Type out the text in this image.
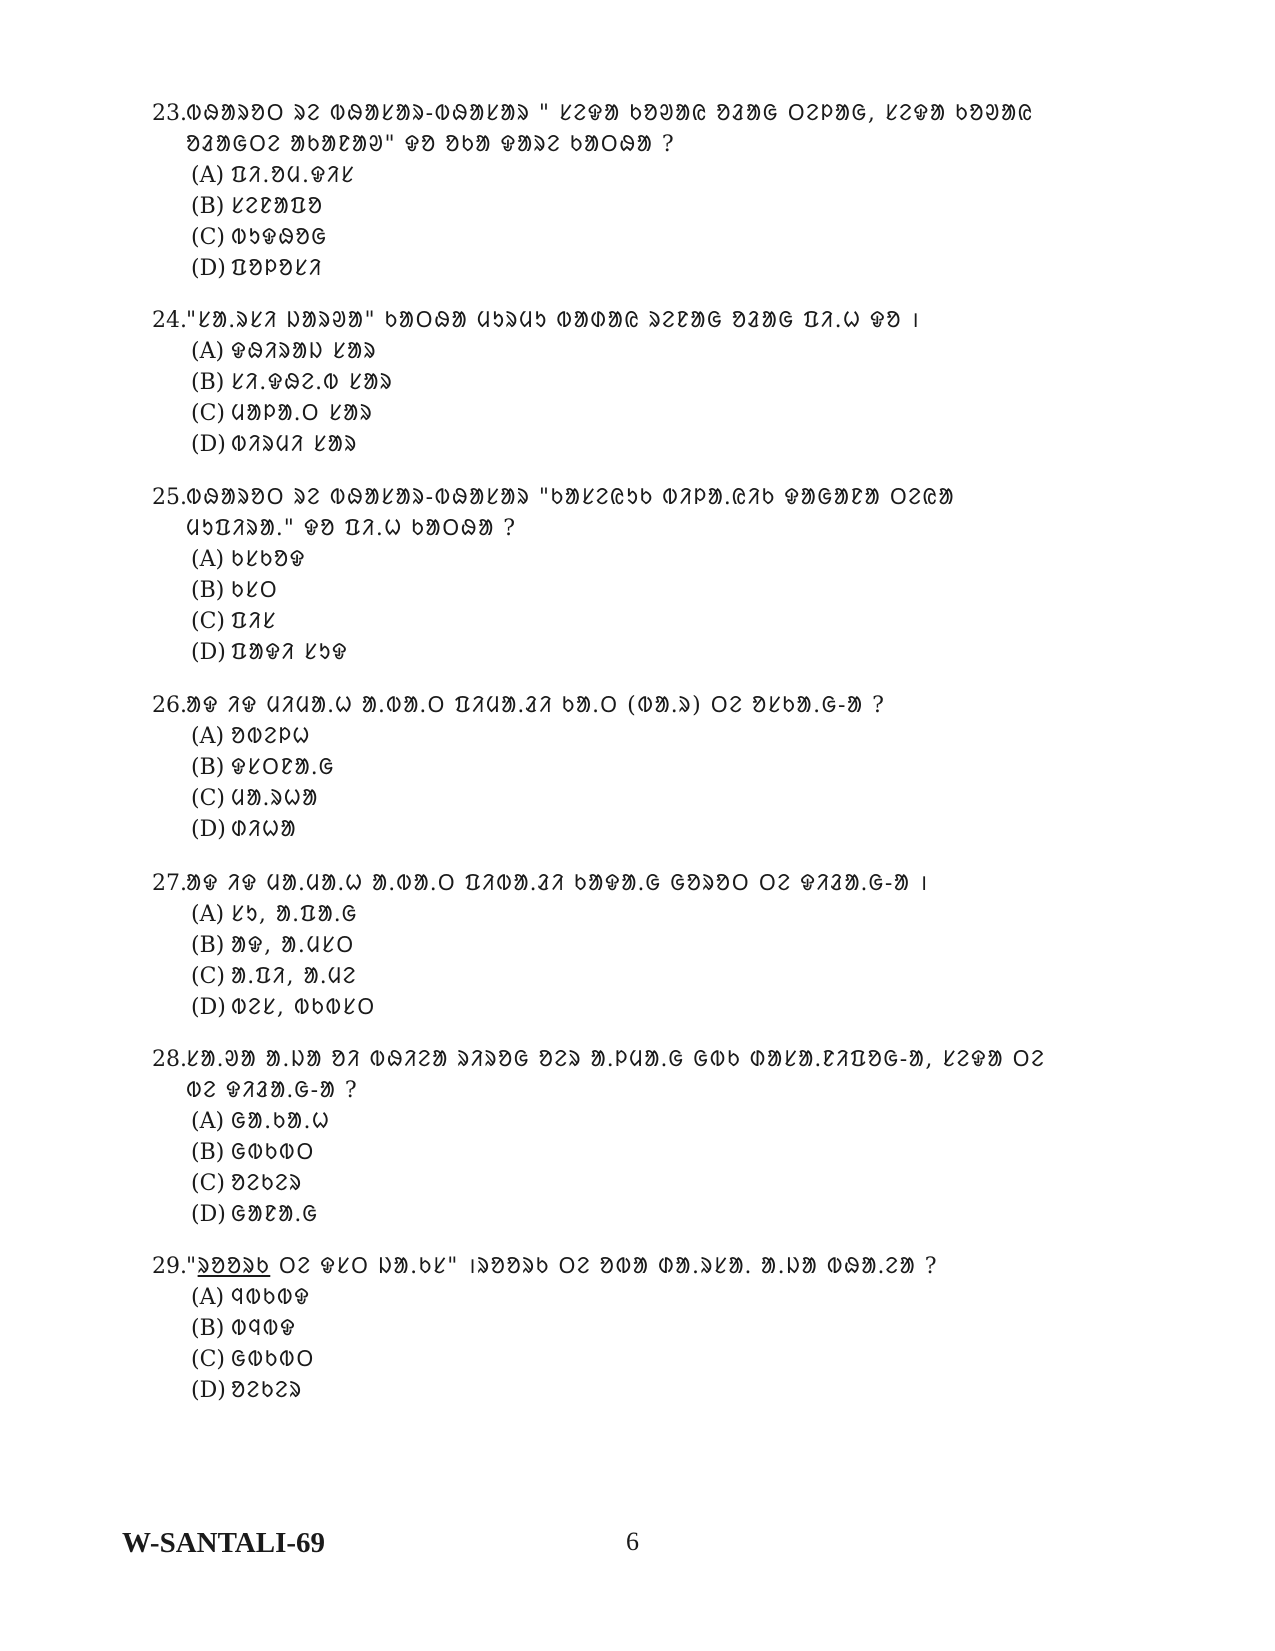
23. ᱵᱷᱟᱨᱚᱛ ᱨᱮ ᱵᱷᱟᱥᱟᱨ-ᱵᱷᱟᱥᱟᱨ " ᱥᱮᱫᱟ ᱠᱚᱣᱟᱭ ᱚᱲᱟᱜ ᱛᱮᱞᱟᱜ, ᱥᱮᱫᱟ ᱠᱚᱣᱟᱭ ᱚᱲᱟᱜᱛᱮ ᱟᱠᱟᱱᱟᱣ" ᱫᱚ ᱚᱠᱟ ᱫᱟᱨᱮ ᱠᱟᱛᱷᱟ ?
(A) ᱯᱤ.ᱚᱢ.ᱫᱤᱥ
(B) ᱥᱮᱱᱟᱯᱚ
(C) ᱵᱩᱫᱷᱚᱜ
(D) ᱯᱚᱞᱚᱥᱤ
24. "ᱥᱟᱹᱨᱥᱤ ᱡᱟᱨᱣᱟ" ᱠᱟᱛᱷᱟ ᱢᱩᱨᱢᱩ ᱵᱟᱰᱟᱭ ᱨᱮᱱᱟᱜ ᱚᱲᱟᱜ ᱯᱤ.ᱦ ᱫᱚ ।
(A) ᱫᱷᱤᱨᱟᱡ ᱥᱟᱨ
(B) ᱥᱤ.ᱫᱷᱮᱹᱵ ᱥᱟᱨ
(C) ᱢᱟᱞᱟᱹᱛ ᱥᱟᱨ
(D) ᱵᱤᱨᱢᱤ ᱥᱟᱨ
25. ᱵᱷᱟᱨᱚᱛ ᱨᱮ ᱵᱷᱟᱥᱟᱨ-ᱵᱷᱟᱥᱟᱨ "ᱠᱟᱥᱮᱭᱩᱠ ᱵᱤᱞᱟᱹᱭᱤᱠ ᱫᱟᱜᱟᱱᱟ ᱛᱮᱭᱟ ᱢᱩᱯᱤᱨᱟᱹ" ᱫᱚ ᱯᱤ.ᱦ ᱠᱟᱛᱷᱟ ?
(A) ᱠᱥᱠᱚᱫ
(B) ᱠᱥᱛ
(C) ᱯᱤᱥ
(D) ᱯᱟᱫᱤ ᱥᱩᱫ
26. ᱟᱫ ᱤᱫ ᱢᱤᱢᱟᱹᱦ ᱟᱹᱵᱟᱹᱛ ᱯᱤᱢᱟᱹᱲᱤ ᱠᱟᱹᱛ (ᱵᱟᱹᱨ) ᱛᱮ ᱚᱥᱠᱟ.ᱜ-ᱟ ?
(A) ᱚᱵᱮᱞᱦ
(B) ᱫᱥᱛᱱᱟᱹᱜ
(C) ᱢᱟᱹᱨᱦᱟ
(D) ᱰᱤᱦᱟ
27. ᱟᱫ ᱤᱫ ᱢᱟᱹᱢᱟᱹᱦ ᱟᱹᱵᱟᱹᱛ ᱯᱤᱵᱟᱹᱲᱤ ᱠᱟᱫᱟᱹᱜ ᱜᱚᱨᱚᱛ ᱛᱮ ᱫᱤᱲᱟᱹᱜ-ᱟ ।
(A) ᱥᱩ, ᱟᱹᱯᱟᱹᱜ
(B) ᱟᱫ, ᱟ.ᱢᱥᱛ
(C) ᱟᱹᱯᱤ, ᱟᱹᱢᱮ
(D) ᱵᱮᱥ, ᱵᱠᱵᱥᱛ
28. ᱥᱟᱹᱣᱟ ᱟ.ᱡᱟ ᱚᱤ ᱵᱷᱤᱮᱟ ᱨᱤᱨᱚᱜ ᱚᱮᱨ ᱟᱹᱞᱢᱟᱹᱜ ᱜᱵᱠ ᱰᱟᱥᱟᱹᱱᱤᱯᱚᱜ-ᱟ, ᱥᱮᱫᱟ ᱛᱮ ᱵᱮ ᱫᱤᱲᱟᱹᱜ-ᱟ ?
(A) ᱜᱟ.ᱠᱟ.ᱦ
(B) ᱜᱵᱠᱵᱛ
(C) ᱚᱮᱠᱮᱨ
(D) ᱜᱟᱱᱟᱹᱜ
29. "ᱨᱚᱚᱨᱠ ᱛᱮ ᱫᱥᱛ ᱡᱟ.ᱠᱥ" ।ᱨᱚᱚᱨᱠ ᱛᱮ ᱚᱵᱟ ᱰᱟ.ᱨᱥᱟᱹ ᱟ.ᱡᱟ ᱵᱷᱟᱹᱮᱟ ?
(A) ᱧᱵᱠᱵᱫ
(B) ᱵᱧᱵᱫ
(C) ᱜᱵᱠᱵᱛ
(D) ᱚᱮᱠᱮᱨ
W-SANTALI-69	6
